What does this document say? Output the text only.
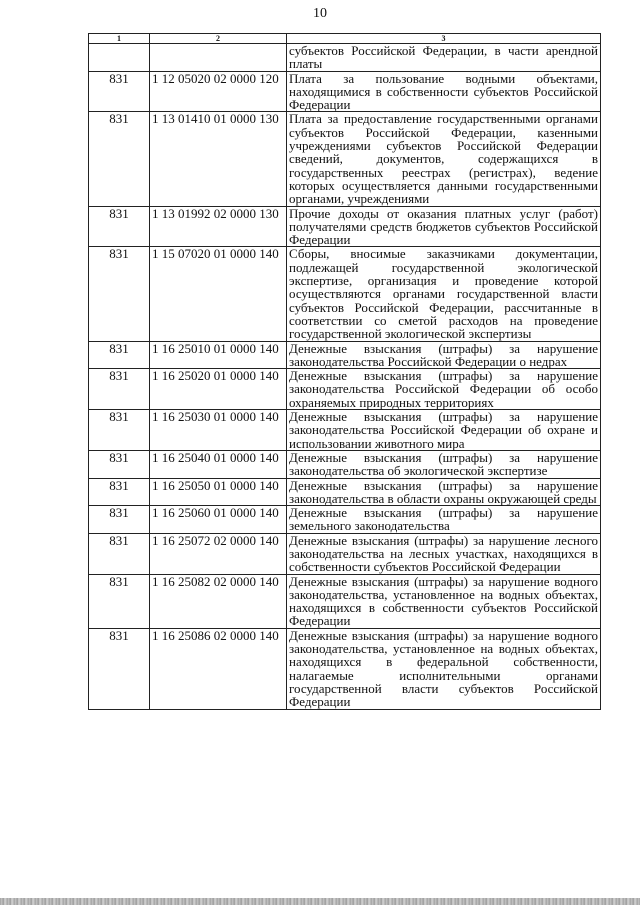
10
1	2	3
		субъектов Российской Федерации, в части арендной платы
831	1 12 05020 02 0000 120	Плата за пользование водными объектами, находящимися в собственности субъектов Российской Федерации
831	1 13 01410 01 0000 130	Плата за предоставление государственными органами субъектов Российской Федерации, казенными учреждениями субъектов Российской Федерации сведений, документов, содержащихся в государственных реестрах (регистрах), ведение которых осуществляется данными государственными органами, учреждениями
831	1 13 01992 02 0000 130	Прочие доходы от оказания платных услуг (работ) получателями средств бюджетов субъектов Российской Федерации
831	1 15 07020 01 0000 140	Сборы, вносимые заказчиками документации, подлежащей государственной экологической экспертизе, организация и проведение которой осуществляются органами государственной власти субъектов Российской Федерации, рассчитанные в соответствии со сметой расходов на проведение государственной экологической экспертизы
831	1 16 25010 01 0000 140	Денежные взыскания (штрафы) за нарушение законодательства Российской Федерации о недрах
831	1 16 25020 01 0000 140	Денежные взыскания (штрафы) за нарушение законодательства Российской Федерации об особо охраняемых природных территориях
831	1 16 25030 01 0000 140	Денежные взыскания (штрафы) за нарушение законодательства Российской Федерации об охране и использовании животного мира
831	1 16 25040 01 0000 140	Денежные взыскания (штрафы) за нарушение законодательства об экологической экспертизе
831	1 16 25050 01 0000 140	Денежные взыскания (штрафы) за нарушение законодательства в области охраны окружающей среды
831	1 16 25060 01 0000 140	Денежные взыскания (штрафы) за нарушение земельного законодательства
831	1 16 25072 02 0000 140	Денежные взыскания (штрафы) за нарушение лесного законодательства на лесных участках, находящихся в собственности субъектов Российской Федерации
831	1 16 25082 02 0000 140	Денежные взыскания (штрафы) за нарушение водного законодательства, установленное на водных объектах, находящихся в собственности субъектов Российской Федерации
831	1 16 25086 02 0000 140	Денежные взыскания (штрафы) за нарушение водного законодательства, установленное на водных объектах, находящихся в федеральной собственности, налагаемые исполнительными органами государственной власти субъектов Российской Федерации
